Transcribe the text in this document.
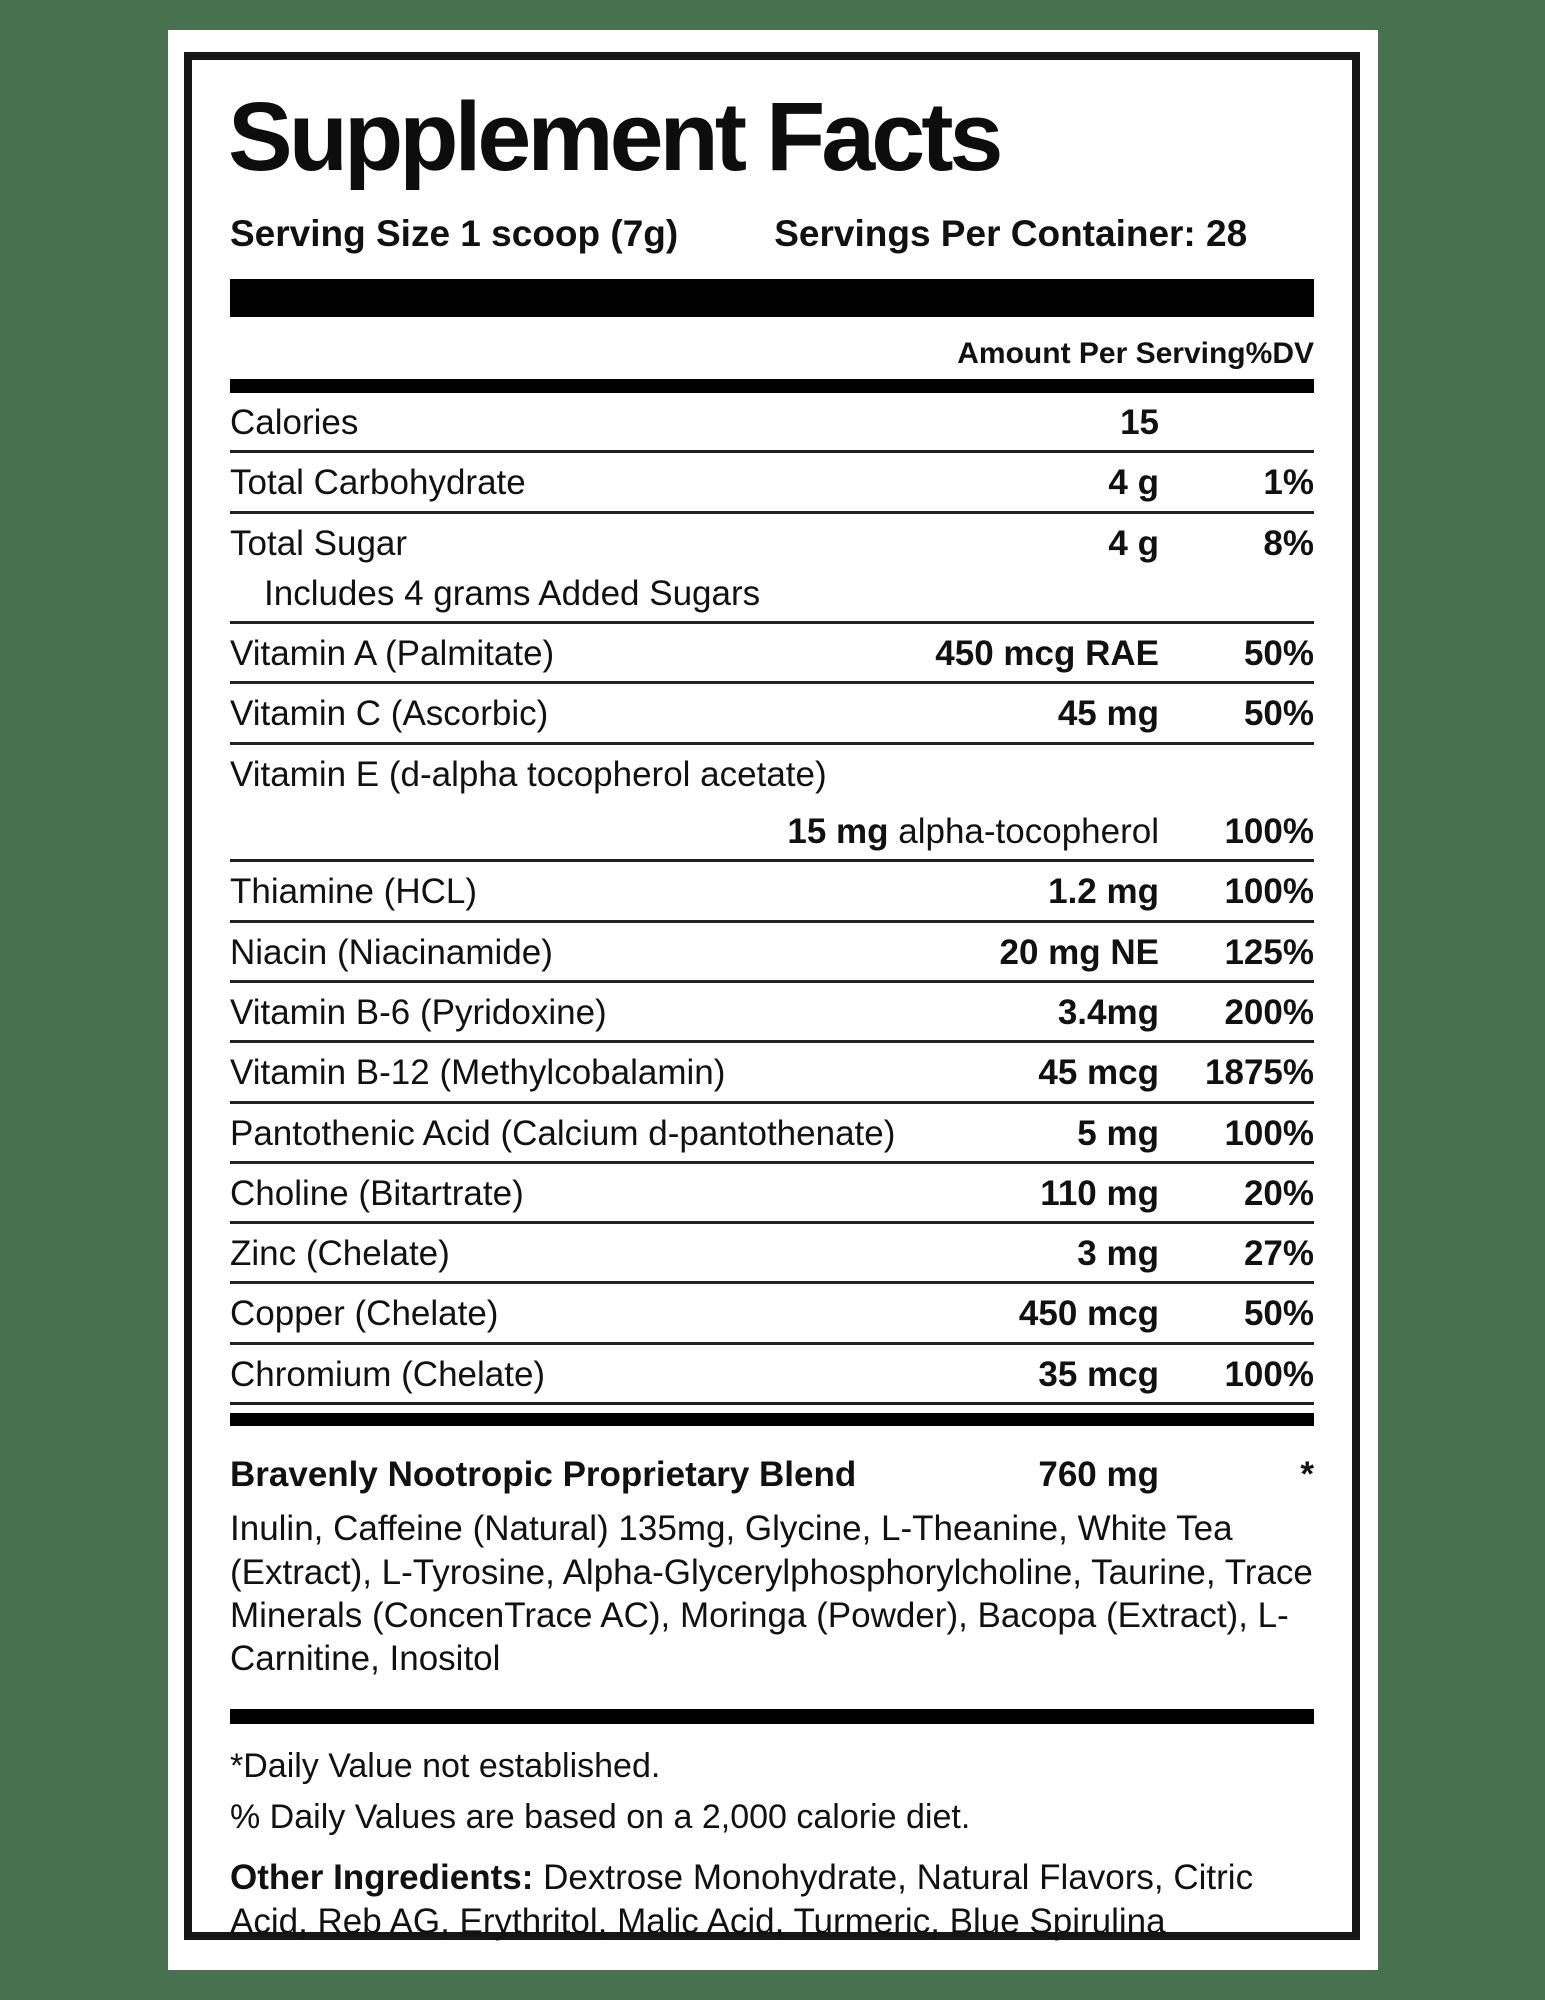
Supplement Facts
Serving Size 1 scoop (7g)	Servings Per Container: 28
Amount Per Serving %DV
Calories	15
Total Carbohydrate	4 g	1%
Total Sugar	4 g	8%
Includes 4 grams Added Sugars
Vitamin A (Palmitate)	450 mcg RAE	50%
Vitamin C (Ascorbic)	45 mg	50%
Vitamin E (d-alpha tocopherol acetate)
15 mg alpha-tocopherol	100%
Thiamine (HCL)	1.2 mg	100%
Niacin (Niacinamide)	20 mg NE	125%
Vitamin B-6 (Pyridoxine)	3.4mg	200%
Vitamin B-12 (Methylcobalamin)	45 mcg	1875%
Pantothenic Acid (Calcium d-pantothenate)	5 mg	100%
Choline (Bitartrate)	110 mg	20%
Zinc (Chelate)	3 mg	27%
Copper (Chelate)	450 mcg	50%
Chromium (Chelate)	35 mcg	100%
Bravenly Nootropic Proprietary Blend	760 mg	*
Inulin, Caffeine (Natural) 135mg, Glycine, L-Theanine, White Tea (Extract), L-Tyrosine, Alpha-Glycerylphosphorylcholine, Taurine, Trace Minerals (ConcenTrace AC), Moringa (Powder), Bacopa (Extract), L-Carnitine, Inositol
*Daily Value not established.
% Daily Values are based on a 2,000 calorie diet.
Other Ingredients: Dextrose Monohydrate, Natural Flavors, Citric Acid, Reb AG, Erythritol, Malic Acid, Turmeric, Blue Spirulina
